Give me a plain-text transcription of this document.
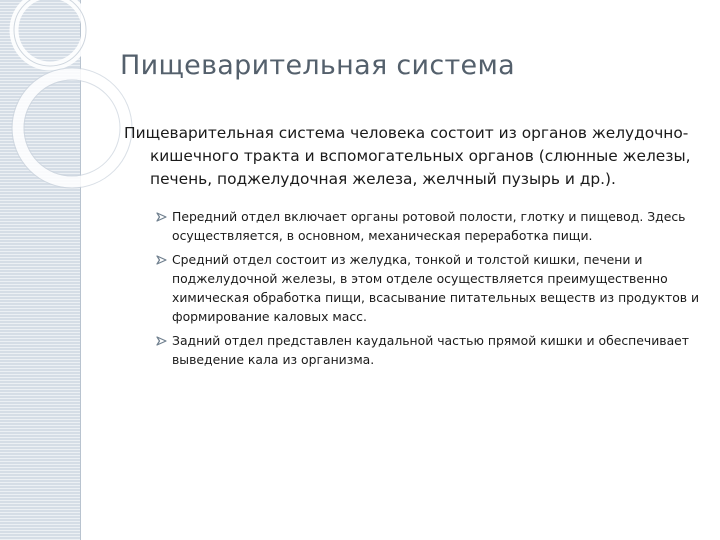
Пищеварительная система

Пищеварительная система человека состоит из органов желудочно-кишечного тракта и вспомогательных органов (слюнные железы, печень, поджелудочная железа, желчный пузырь и др.).

Передний отдел включает органы ротовой полости, глотку и пищевод. Здесь осуществляется, в основном, механическая переработка пищи.
Средний отдел состоит из желудка, тонкой и толстой кишки, печени и поджелудочной железы, в этом отделе осуществляется преимущественно химическая обработка пищи, всасывание питательных веществ из продуктов и формирование каловых масс.
Задний отдел представлен каудальной частью прямой кишки и обеспечивает выведение кала из организма.
